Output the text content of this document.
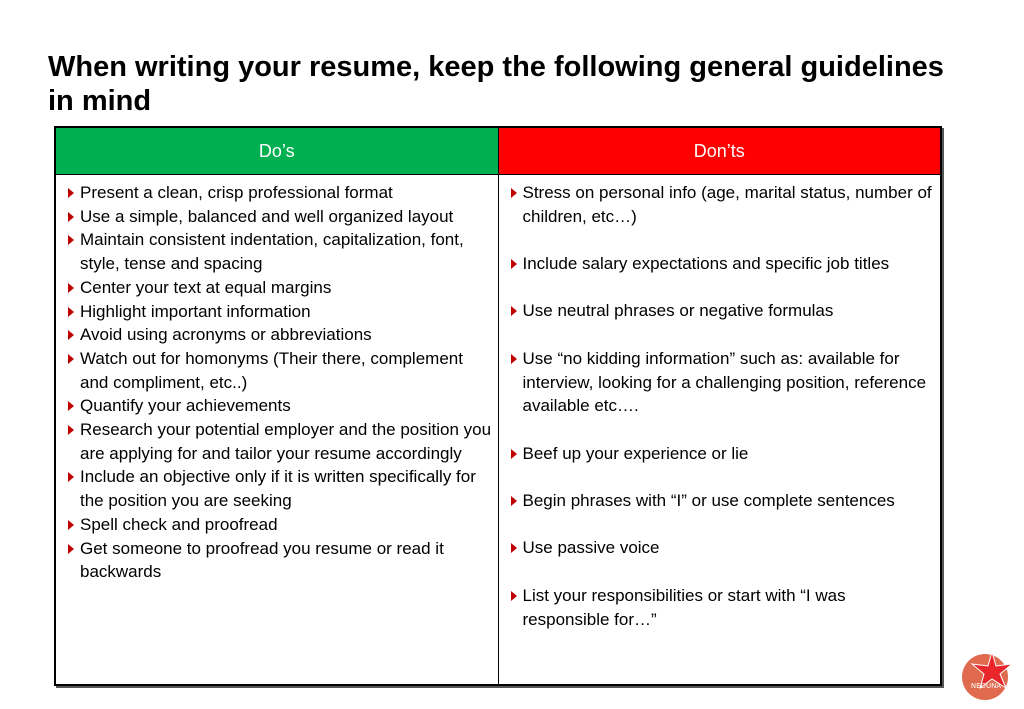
When writing your resume, keep the following general guidelines in mind
Do’s	Don’ts
Present a clean, crisp professional format
Use a simple, balanced and well organized layout
Maintain consistent indentation, capitalization, font, style, tense and spacing
Center your text at equal margins
Highlight important information
Avoid using acronyms or abbreviations
Watch out for homonyms (Their there, complement and compliment, etc..)
Quantify your achievements
Research your potential employer and the position you are applying for and tailor your resume accordingly
Include an objective only if it is written specifically for the position you are seeking
Spell check and proofread
Get someone to proofread you resume or read it backwards
Stress on personal info (age, marital status, number of children, etc…)
Include salary expectations and specific job titles
Use neutral phrases or negative formulas
Use “no kidding information” such as: available for interview, looking for a challenging position, reference available etc….
Beef up your experience or lie
Begin phrases with “I” or use complete sentences
Use passive voice
List your responsibilities or start with “I was responsible for…”
NEDUNA
